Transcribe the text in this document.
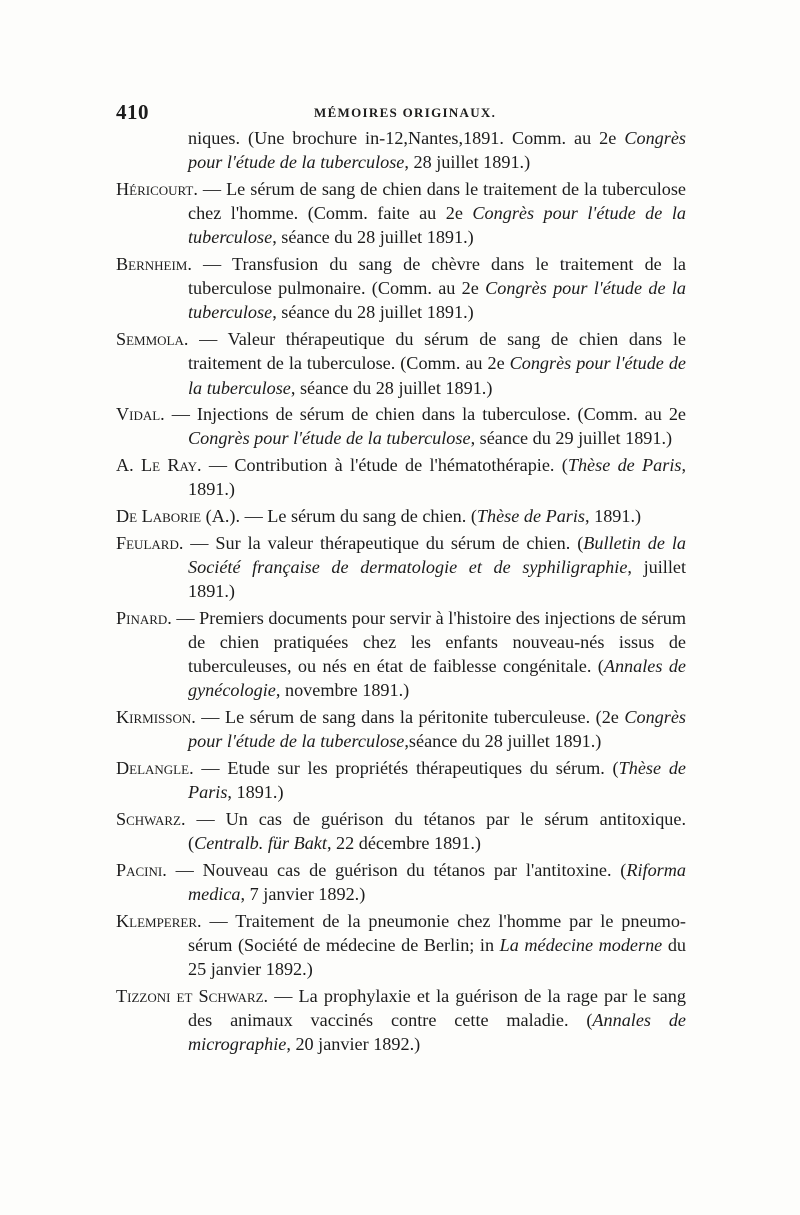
410	MÉMOIRES ORIGINAUX.

niques. (Une brochure in-12,Nantes,1891. Comm. au 2e Congrès pour l'étude de la tuberculose, 28 juillet 1891.)

Héricourt. — Le sérum de sang de chien dans le traitement de la tuberculose chez l'homme. (Comm. faite au 2e Congrès pour l'étude de la tuberculose, séance du 28 juillet 1891.)

Bernheim. — Transfusion du sang de chèvre dans le traitement de la tuberculose pulmonaire. (Comm. au 2e Congrès pour l'étude de la tuberculose, séance du 28 juillet 1891.)

Semmola. — Valeur thérapeutique du sérum de sang de chien dans le traitement de la tuberculose. (Comm. au 2e Congrès pour l'étude de la tuberculose, séance du 28 juillet 1891.)

Vidal. — Injections de sérum de chien dans la tuberculose. (Comm. au 2e Congrès pour l'étude de la tuberculose, séance du 29 juillet 1891.)

A. Le Ray. — Contribution à l'étude de l'hématothérapie. (Thèse de Paris, 1891.)

De Laborie (A.). — Le sérum du sang de chien. (Thèse de Paris, 1891.)

Feulard. — Sur la valeur thérapeutique du sérum de chien. (Bulletin de la Société française de dermatologie et de syphiligraphie, juillet 1891.)

Pinard. — Premiers documents pour servir à l'histoire des injections de sérum de chien pratiquées chez les enfants nouveau-nés issus de tuberculeuses, ou nés en état de faiblesse congénitale. (Annales de gynécologie, novembre 1891.)

Kirmisson. — Le sérum de sang dans la péritonite tuberculeuse. (2e Congrès pour l'étude de la tuberculose,séance du 28 juillet 1891.)

Delangle. — Etude sur les propriétés thérapeutiques du sérum. (Thèse de Paris, 1891.)

Schwarz. — Un cas de guérison du tétanos par le sérum antitoxique. (Centralb. für Bakt, 22 décembre 1891.)

Pacini. — Nouveau cas de guérison du tétanos par l'antitoxine. (Riforma medica, 7 janvier 1892.)

Klemperer. — Traitement de la pneumonie chez l'homme par le pneumo-sérum (Société de médecine de Berlin; in La médecine moderne du 25 janvier 1892.)

Tizzoni et Schwarz. — La prophylaxie et la guérison de la rage par le sang des animaux vaccinés contre cette maladie. (Annales de micrographie, 20 janvier 1892.)
